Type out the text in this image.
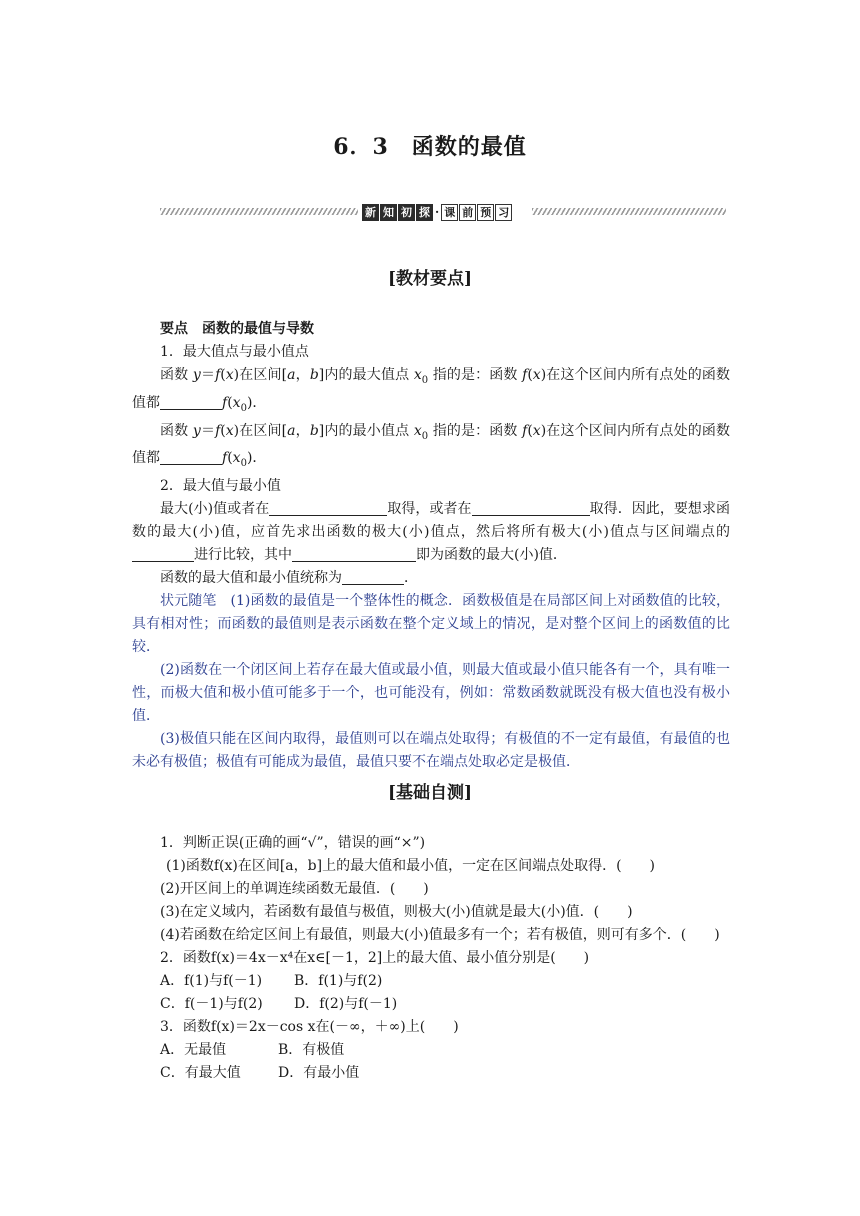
6．3　函数的最值
新 知 初 探 · 课 前 预 习
[教材要点]

要点　函数的最值与导数

1．最大值点与最小值点

函数 y＝f(x)在区间[a，b]内的最大值点 $x_0$ 指的是：函数 f(x)在这个区间内所有点处的函数值都	$f(x_0)$．

函数 y＝f(x)在区间[a，b]内的最小值点 $x_0$ 指的是：函数 f(x)在这个区间内所有点处的函数值都	$f(x_0)$．

2．最大值与最小值

最大(小)值或者在	取得，或者在	取得．因此，要想求函数的最大(小)值，应首先求出函数的极大(小)值点，然后将所有极大(小)值点与区间端点的进行比较，其中	即为函数的最大(小)值．

函数的最大值和最小值统称为	．

状元随笔　 (1)函数的最值是一个整体性的概念．函数极值是在局部区间上对函数值的比较，具有相对性；而函数的最值则是表示函数在整个定义域上的情况，是对整个区间上的函数值的比较．

(2)函数在一个闭区间上若存在最大值或最小值，则最大值或最小值只能各有一个，具有唯一性，而极大值和极小值可能多于一个，也可能没有，例如：常数函数就既没有极大值也没有极小值．

(3)极值只能在区间内取得，最值则可以在端点处取得；有极值的不一定有最值，有最值的也未必有极值；极值有可能成为最值，最值只要不在端点处取必定是极值．

[基础自测]

1．判断正误(正确的画“√”，错误的画“×”)

(1)函数f(x)在区间[a，b]上的最大值和最小值，一定在区间端点处取得．(　　)

(2)开区间上的单调连续函数无最值．(　　)

(3)在定义域内，若函数有最值与极值，则极大(小)值就是最大(小)值．(　　)

(4)若函数在给定区间上有最值，则最大(小)值最多有一个；若有极值，则可有多个．(　　)

2．函数f(x)＝4x－x⁴在x∈[－1，2]上的最大值、最小值分别是(　　)

A．f(1)与f(－1) B．f(1)与f(2)

C．f(－1)与f(2) D．f(2)与f(－1)

3．函数f(x)＝2x－cos x在(－∞，＋∞)上(　　)

A．无最值	B．有极值

C．有最大值	D．有最小值
